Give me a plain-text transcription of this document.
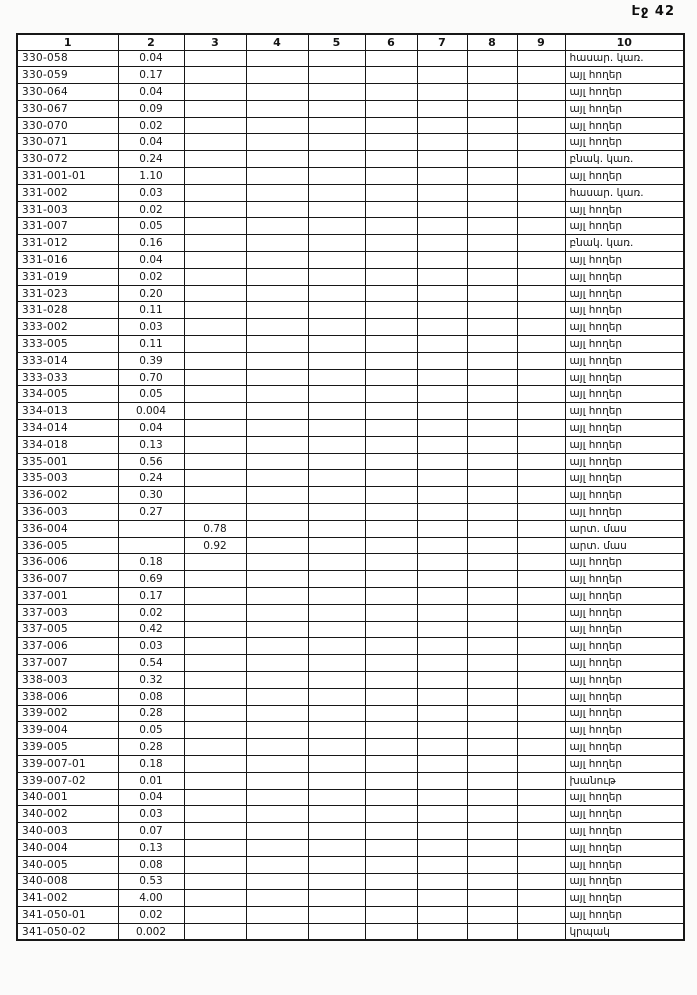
Էջ 42
1	2	3	4	5	6	7	8	9	10
330-058	0.04								հասար. կառ.
330-059	0.17								այլ հողեր
330-064	0.04								այլ հողեր
330-067	0.09								այլ հողեր
330-070	0.02								այլ հողեր
330-071	0.04								այլ հողեր
330-072	0.24								բնակ. կառ.
331-001-01	1.10								այլ հողեր
331-002	0.03								հասար. կառ.
331-003	0.02								այլ հողեր
331-007	0.05								այլ հողեր
331-012	0.16								բնակ. կառ.
331-016	0.04								այլ հողեր
331-019	0.02								այլ հողեր
331-023	0.20								այլ հողեր
331-028	0.11								այլ հողեր
333-002	0.03								այլ հողեր
333-005	0.11								այլ հողեր
333-014	0.39								այլ հողեր
333-033	0.70								այլ հողեր
334-005	0.05								այլ հողեր
334-013	0.004								այլ հողեր
334-014	0.04								այլ հողեր
334-018	0.13								այլ հողեր
335-001	0.56								այլ հողեր
335-003	0.24								այլ հողեր
336-002	0.30								այլ հողեր
336-003	0.27								այլ հողեր
336-004		0.78							արտ. մաս
336-005		0.92							արտ. մաս
336-006	0.18								այլ հողեր
336-007	0.69								այլ հողեր
337-001	0.17								այլ հողեր
337-003	0.02								այլ հողեր
337-005	0.42								այլ հողեր
337-006	0.03								այլ հողեր
337-007	0.54								այլ հողեր
338-003	0.32								այլ հողեր
338-006	0.08								այլ հողեր
339-002	0.28								այլ հողեր
339-004	0.05								այլ հողեր
339-005	0.28								այլ հողեր
339-007-01	0.18								այլ հողեր
339-007-02	0.01								խանութ
340-001	0.04								այլ հողեր
340-002	0.03								այլ հողեր
340-003	0.07								այլ հողեր
340-004	0.13								այլ հողեր
340-005	0.08								այլ հողեր
340-008	0.53								այլ հողեր
341-002	4.00								այլ հողեր
341-050-01	0.02								այլ հողեր
341-050-02	0.002								կրպակ
